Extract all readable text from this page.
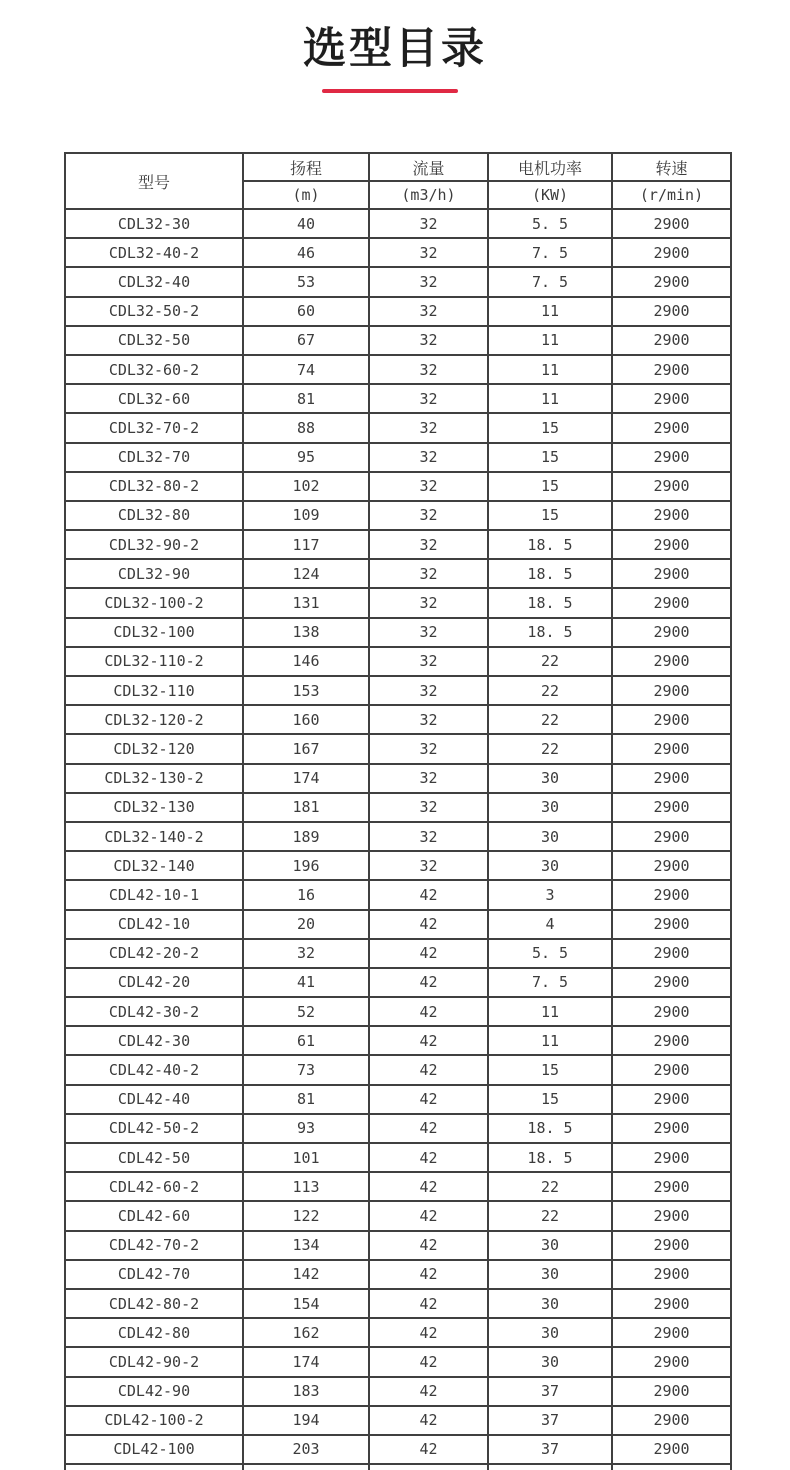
选型目录
型号	扬程	流量	电机功率	转速
	(m)	(m3/h)	(KW)	(r/min)
CDL32-30	40	32	5. 5	2900
CDL32-40-2	46	32	7. 5	2900
CDL32-40	53	32	7. 5	2900
CDL32-50-2	60	32	11	2900
CDL32-50	67	32	11	2900
CDL32-60-2	74	32	11	2900
CDL32-60	81	32	11	2900
CDL32-70-2	88	32	15	2900
CDL32-70	95	32	15	2900
CDL32-80-2	102	32	15	2900
CDL32-80	109	32	15	2900
CDL32-90-2	117	32	18. 5	2900
CDL32-90	124	32	18. 5	2900
CDL32-100-2	131	32	18. 5	2900
CDL32-100	138	32	18. 5	2900
CDL32-110-2	146	32	22	2900
CDL32-110	153	32	22	2900
CDL32-120-2	160	32	22	2900
CDL32-120	167	32	22	2900
CDL32-130-2	174	32	30	2900
CDL32-130	181	32	30	2900
CDL32-140-2	189	32	30	2900
CDL32-140	196	32	30	2900
CDL42-10-1	16	42	3	2900
CDL42-10	20	42	4	2900
CDL42-20-2	32	42	5. 5	2900
CDL42-20	41	42	7. 5	2900
CDL42-30-2	52	42	11	2900
CDL42-30	61	42	11	2900
CDL42-40-2	73	42	15	2900
CDL42-40	81	42	15	2900
CDL42-50-2	93	42	18. 5	2900
CDL42-50	101	42	18. 5	2900
CDL42-60-2	113	42	22	2900
CDL42-60	122	42	22	2900
CDL42-70-2	134	42	30	2900
CDL42-70	142	42	30	2900
CDL42-80-2	154	42	30	2900
CDL42-80	162	42	30	2900
CDL42-90-2	174	42	30	2900
CDL42-90	183	42	37	2900
CDL42-100-2	194	42	37	2900
CDL42-100	203	42	37	2900
